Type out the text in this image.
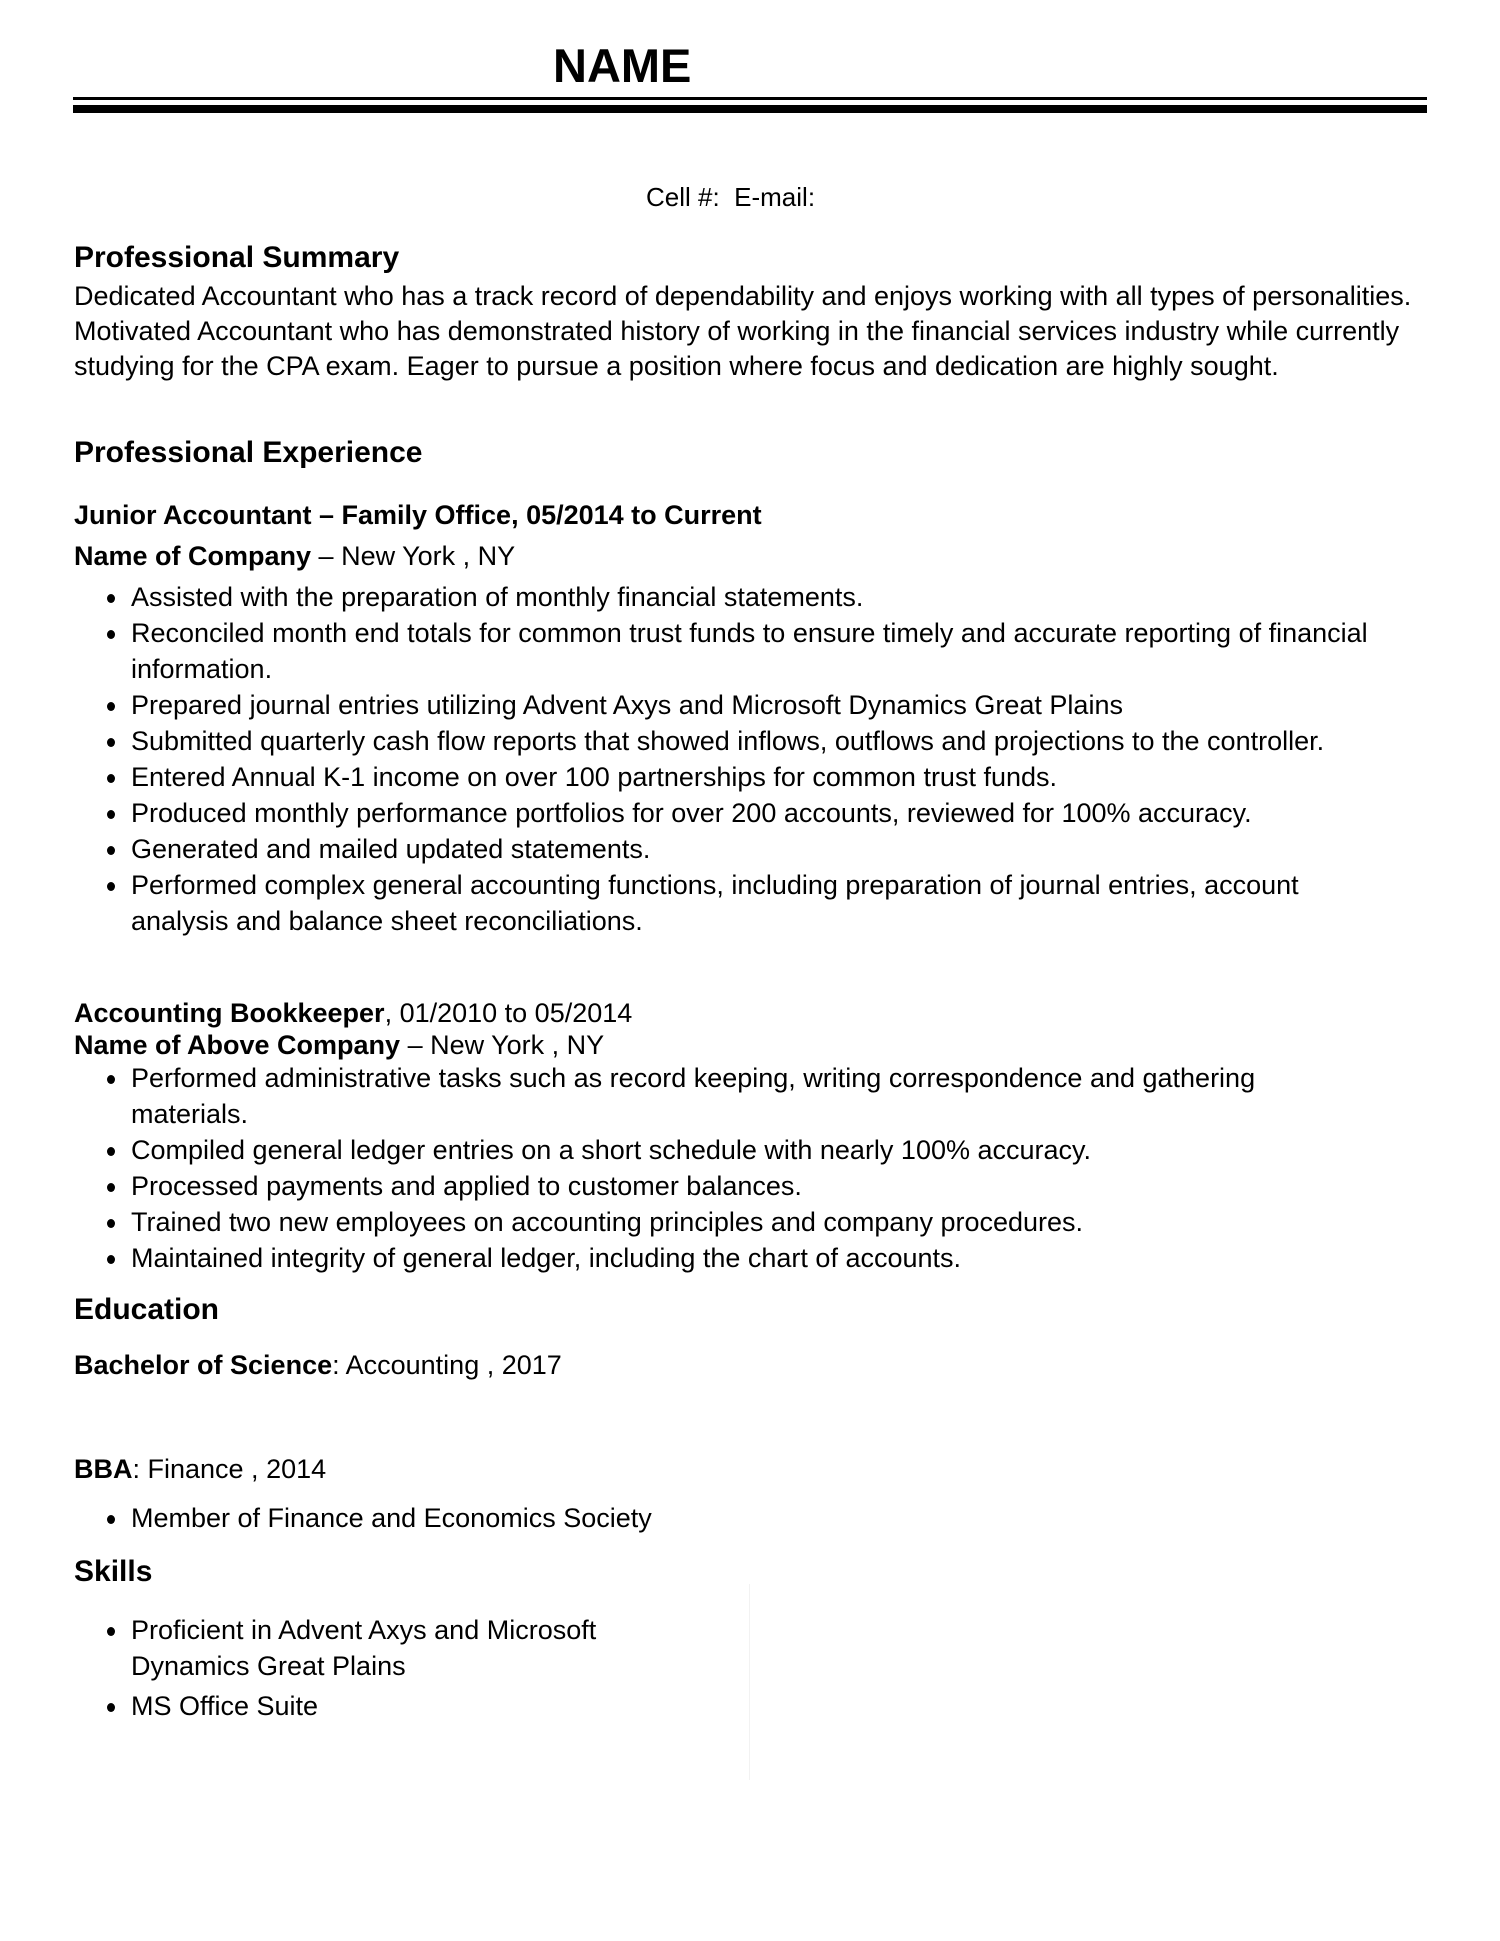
NAME
Cell #:  E-mail:
Professional Summary
Dedicated Accountant who has a track record of dependability and enjoys working with all types of personalities. Motivated Accountant who has demonstrated history of working in the financial services industry while currently studying for the CPA exam. Eager to pursue a position where focus and dedication are highly sought.
Professional Experience
Junior Accountant – Family Office, 05/2014 to Current
Name of Company – New York , NY
Assisted with the preparation of monthly financial statements.
Reconciled month end totals for common trust funds to ensure timely and accurate reporting of financial information.
Prepared journal entries utilizing Advent Axys and Microsoft Dynamics Great Plains
Submitted quarterly cash flow reports that showed inflows, outflows and projections to the controller.
Entered Annual K-1 income on over 100 partnerships for common trust funds.
Produced monthly performance portfolios for over 200 accounts, reviewed for 100% accuracy.
Generated and mailed updated statements.
Performed complex general accounting functions, including preparation of journal entries, account analysis and balance sheet reconciliations.
Accounting Bookkeeper, 01/2010 to 05/2014
Name of Above Company – New York , NY
Performed administrative tasks such as record keeping, writing correspondence and gathering materials.
Compiled general ledger entries on a short schedule with nearly 100% accuracy.
Processed payments and applied to customer balances.
Trained two new employees on accounting principles and company procedures.
Maintained integrity of general ledger, including the chart of accounts.
Education
Bachelor of Science: Accounting , 2017
BBA: Finance , 2014
Member of Finance and Economics Society
Skills
Proficient in Advent Axys and Microsoft Dynamics Great Plains
MS Office Suite
